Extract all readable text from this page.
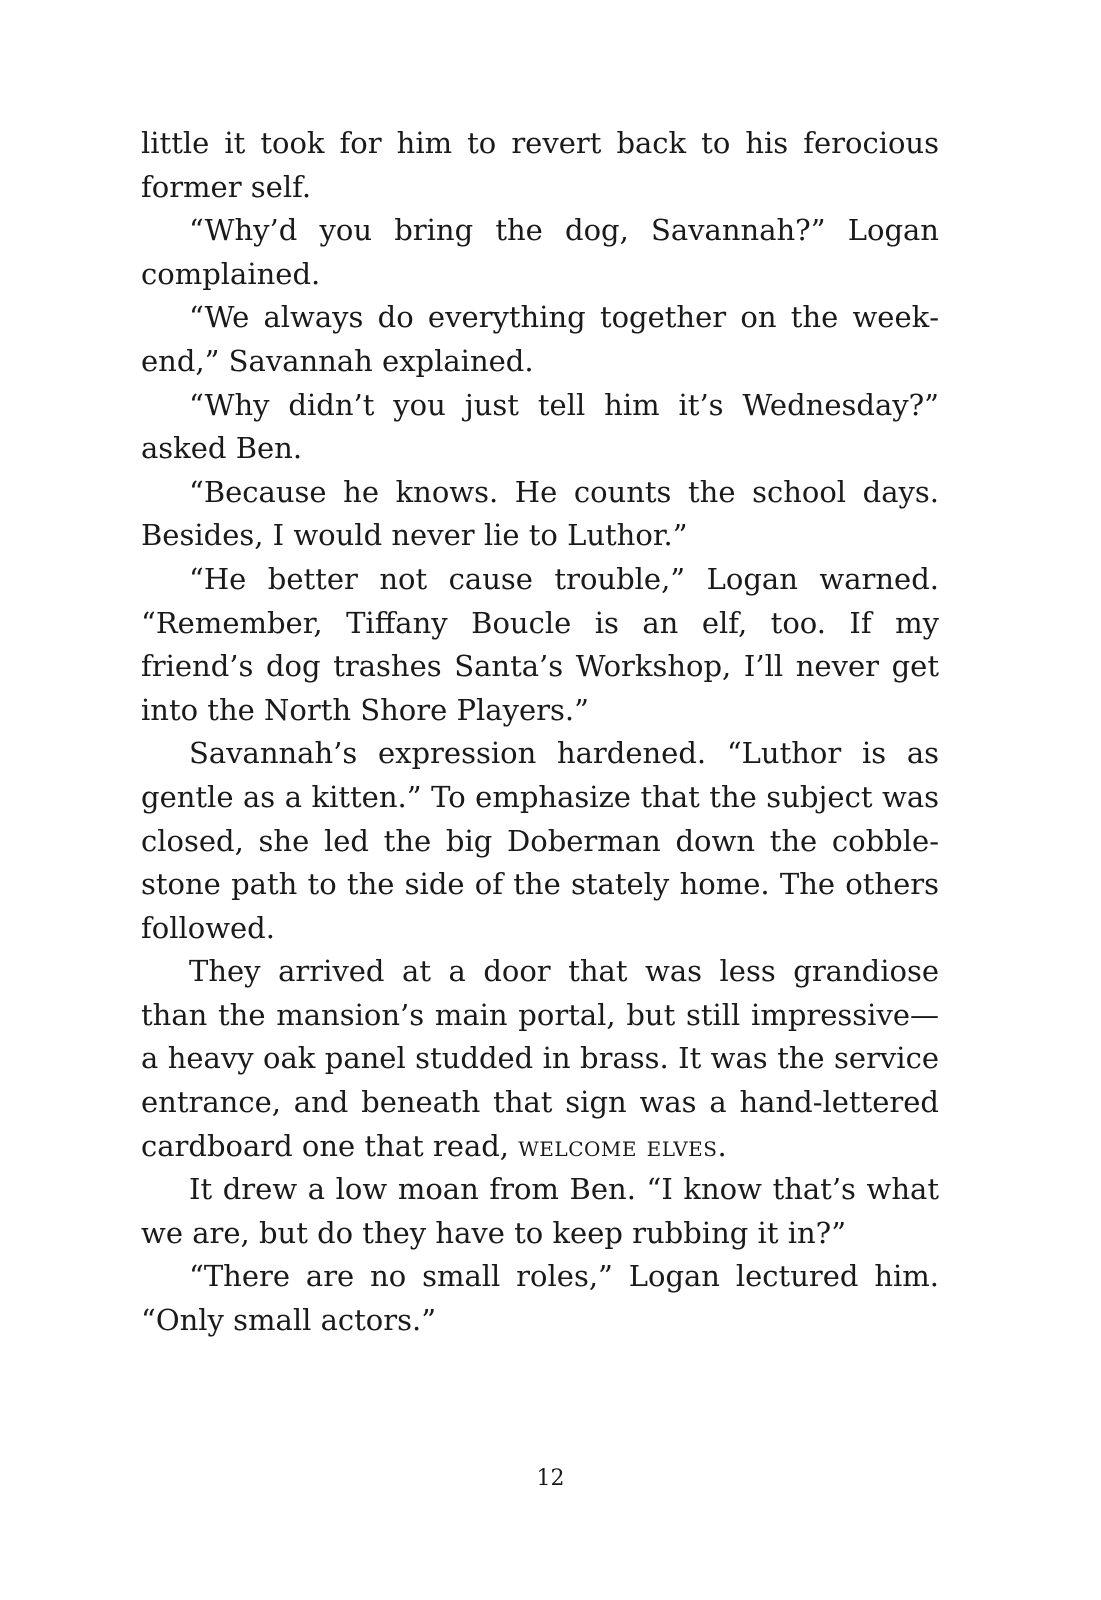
little it took for him to revert back to his ferocious former self.

“Why’d you bring the dog, Savannah?” Logan complained.

“We always do everything together on the weekend,” Savannah explained.

“Why didn’t you just tell him it’s Wednesday?” asked Ben.

“Because he knows. He counts the school days. Besides, I would never lie to Luthor.”

“He better not cause trouble,” Logan warned. “Remember, Tiffany Boucle is an elf, too. If my friend’s dog trashes Santa’s Workshop, I’ll never get into the North Shore Players.”

Savannah’s expression hardened. “Luthor is as gentle as a kitten.” To emphasize that the subject was closed, she led the big Doberman down the cobblestone path to the side of the stately home. The others followed.

They arrived at a door that was less grandiose than the mansion’s main portal, but still impressive—a heavy oak panel studded in brass. It was the service entrance, and beneath that sign was a hand-lettered cardboard one that read, welcome elves.

It drew a low moan from Ben. “I know that’s what we are, but do they have to keep rubbing it in?”

“There are no small roles,” Logan lectured him. “Only small actors.”

12
